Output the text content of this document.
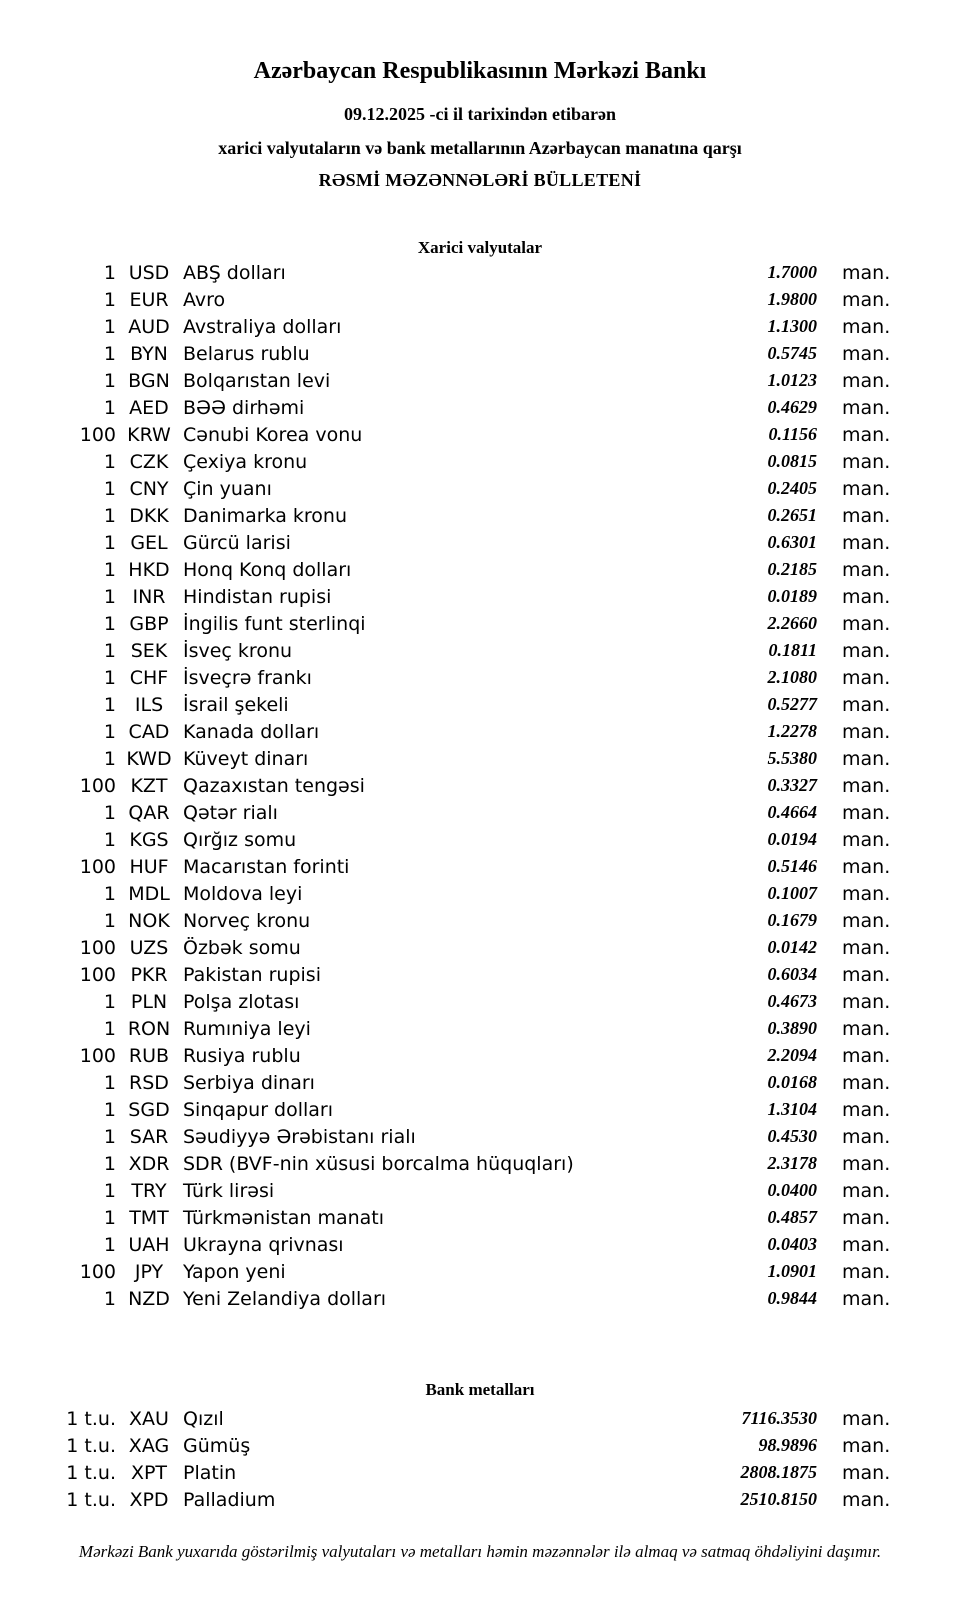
Azərbaycan Respublikasının Mərkəzi Bankı
09.12.2025 -ci il tarixindən etibarən
xarici valyutaların və bank metallarının Azərbaycan manatına qarşı
RƏSMİ MƏZƏNNƏLƏRİ BÜLLETENİ
Xarici valyutalar
1 USD ABŞ dolları	1.7000	man.
1 EUR Avro	1.9800	man.
1 AUD Avstraliya dolları	1.1300	man.
1 BYN Belarus rublu	0.5745	man.
1 BGN Bolqarıstan levi	1.0123	man.
1 AED BƏƏ dirhəmi	0.4629	man.
100 KRW Cənubi Korea vonu	0.1156	man.
1 CZK Çexiya kronu	0.0815	man.
1 CNY Çin yuanı	0.2405	man.
1 DKK Danimarka kronu	0.2651	man.
1 GEL Gürcü larisi	0.6301	man.
1 HKD Honq Konq dolları	0.2185	man.
1 INR Hindistan rupisi	0.0189	man.
1 GBP İngilis funt sterlinqi	2.2660	man.
1 SEK İsveç kronu	0.1811	man.
1 CHF İsveçrə frankı	2.1080	man.
1 ILS	İsrail şekeli	0.5277	man.
1 CAD Kanada dolları	1.2278	man.
1 KWD Küveyt dinarı	5.5380	man.
100 KZT Qazaxıstan tengəsi	0.3327	man.
1 QAR Qətər rialı	0.4664	man.
1 KGS Qırğız somu	0.0194	man.
100 HUF Macarıstan forinti	0.5146	man.
1 MDL Moldova leyi	0.1007	man.
1 NOK Norveç kronu	0.1679	man.
100 UZS Özbək somu	0.0142	man.
100 PKR Pakistan rupisi	0.6034	man.
1 PLN Polşa zlotası	0.4673	man.
1 RON Rumıniya leyi	0.3890	man.
100 RUB Rusiya rublu	2.2094	man.
1 RSD Serbiya dinarı	0.0168	man.
1 SGD Sinqapur dolları	1.3104	man.
1 SAR Səudiyyə Ərəbistanı rialı	0.4530	man.
1 XDR SDR (BVF-nin xüsusi borcalma hüquqları)	2.3178	man.
1 TRY Türk lirəsi	0.0400	man.
1 TMT Türkmənistan manatı	0.4857	man.
1 UAH Ukrayna qrivnası	0.0403	man.
100 JPY	Yapon yeni	1.0901	man.
1 NZD Yeni Zelandiya dolları	0.9844	man.
Bank metalları
1 t.u. XAU Qızıl	7116.3530	man.
1 t.u. XAG Gümüş	98.9896	man.
1 t.u. XPT Platin	2808.1875	man.
1 t.u. XPD Palladium	2510.8150	man.
Mərkəzi Bank yuxarıda göstərilmiş valyutaları və metalları həmin məzənnələr ilə almaq və satmaq öhdəliyini daşımır.
